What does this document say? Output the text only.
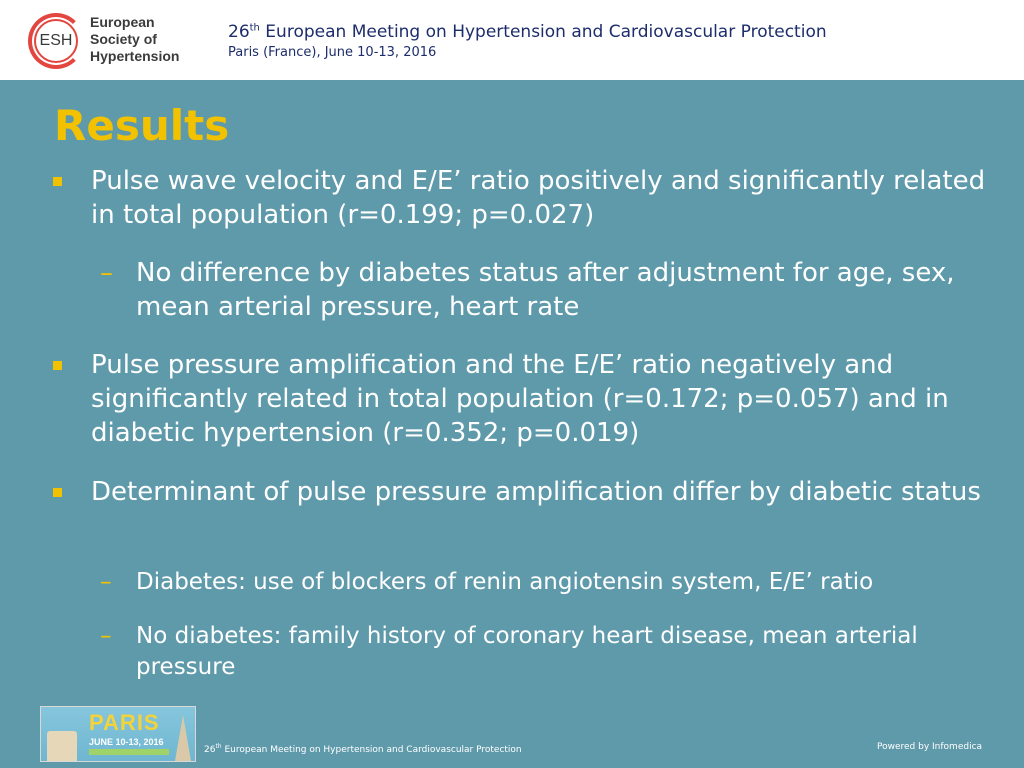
ESH
European
Society of
Hypertension
26th European Meeting on Hypertension and Cardiovascular Protection
Paris (France), June 10-13, 2016
Results
Pulse wave velocity and E/E’ ratio positively and significantly related in total population (r=0.199; p=0.027)
– No difference by diabetes status after adjustment for age, sex, mean arterial pressure, heart rate
Pulse pressure amplification and the E/E’ ratio negatively and significantly related in total population (r=0.172; p=0.057) and in diabetic hypertension (r=0.352; p=0.019)
Determinant of pulse pressure amplification differ by diabetic status
– Diabetes: use of blockers of renin angiotensin system, E/E’ ratio
– No diabetes: family history of coronary heart disease, mean arterial pressure
PARIS
JUNE 10-13, 2016
26th European Meeting on Hypertension and Cardiovascular Protection	Powered by Infomedica
